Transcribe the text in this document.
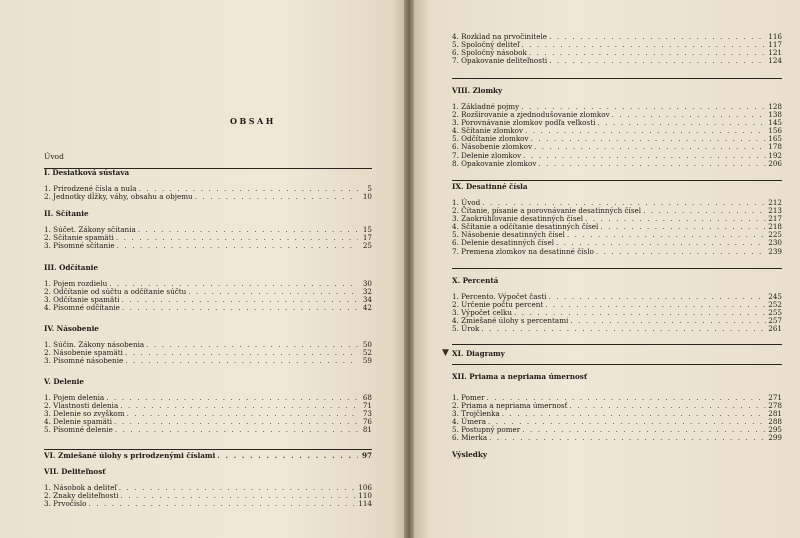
OBSAH
Úvod
I. Desiatková sústava
1. Prirodzené čísla a nula . . .	5
2. Jednotky dĺžky, váhy, obsahu a objemu . . .	10
II. Sčítanie
1. Súčet. Zákony sčítania . . .	15
2. Sčítanie spamäti . . .	17
3. Písomné sčítanie . . .	25
III. Odčítanie
1. Pojem rozdielu . . .	30
2. Odčítanie od súčtu a odčítanie súčtu . . .	32
3. Odčítanie spamäti . . .	34
4. Písomné odčítanie . . .	42
IV. Násobenie
1. Súčin. Zákony násobenia . . .	50
2. Násobenie spamäti . . .	52
3. Písomné násobenie . . .	59
V. Delenie
1. Pojem delenia . . .	68
2. Vlastnosti delenia . . .	71
3. Delenie so zvyškom . . .	73
4. Delenie spamäti . . .	76
5. Písomné delenie . . .	81
VI. Zmiešané úlohy s prirodzenými číslami . . .	97
VII. Deliteľnosť
1. Násobok a deliteľ . . .	106
2. Znaky deliteľnosti . . .	110
3. Prvočíslo . . .	114
4. Rozklad na prvočinitele . . .	116
5. Spoločný deliteľ . . .	117
6. Spoločný násobok . . .	121
7. Opakovanie deliteľnosti . . .	124
VIII. Zlomky
1. Základné pojmy . . .	128
2. Rozširovanie a zjednodušovanie zlomkov . . .	138
3. Porovnávanie zlomkov podľa veľkosti . . .	145
4. Sčítanie zlomkov . . .	156
5. Odčítanie zlomkov . . .	165
6. Násobenie zlomkov . . .	178
7. Delenie zlomkov . . .	192
8. Opakovanie zlomkov . . .	206
IX. Desatinné čísla
1. Úvod . . .	212
2. Čítanie, písanie a porovnávanie desatinných čísel . . .	213
3. Zaokrúhľovanie desatinných čísel . . .	217
4. Sčítanie a odčítanie desatinných čísel . . .	218
5. Násobenie desatinných čísel . . .	225
6. Delenie desatinných čísel . . .	230
7. Premena zlomkov na desatinné číslo . . .	239
X. Percentá
1. Percento. Výpočet časti . . .	245
2. Určenie počtu percent . . .	252
3. Výpočet celku . . .	255
4. Zmiešané úlohy s percentami . . .	257
5. Úrok . . .	261
▼ XI. Diagramy
XII. Priama a nepriama úmernosť
1. Pomer . . .	271
2. Priama a nepriama úmernosť . . .	278
3. Trojčlenka . . .	281
4. Úmera . . .	288
5. Postupný pomer . . .	295
6. Mierka . . .	299
Výsledky
